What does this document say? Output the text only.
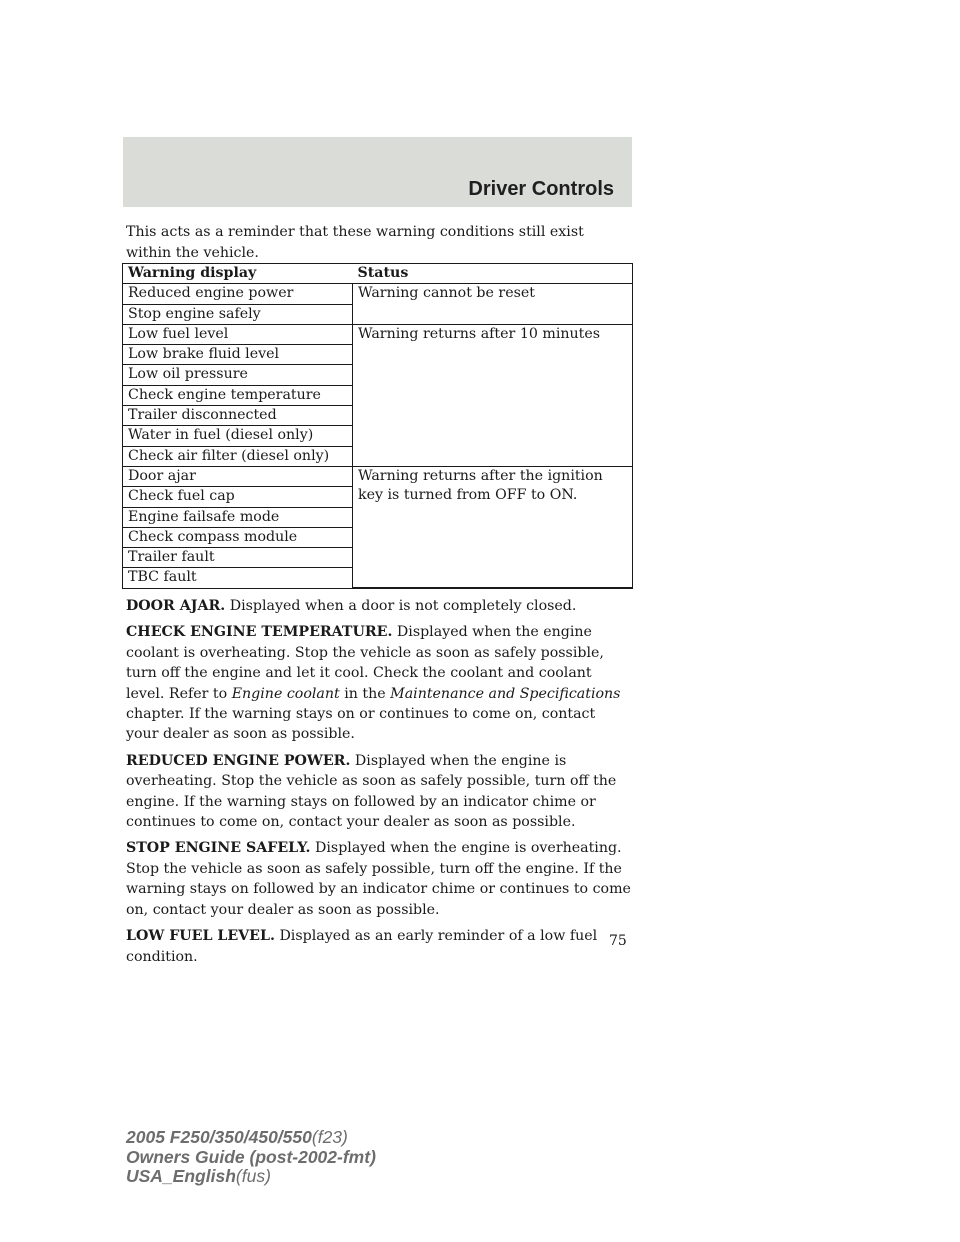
Driver Controls

This acts as a reminder that these warning conditions still exist within the vehicle.

Warning display	Status
Reduced engine power	Warning cannot be reset
Stop engine safely	
Low fuel level	Warning returns after 10 minutes
Low brake fluid level	
Low oil pressure	
Check engine temperature	
Trailer disconnected	
Water in fuel (diesel only)	
Check air filter (diesel only)	
Door ajar	Warning returns after the ignition key is turned from OFF to ON.
Check fuel cap	
Engine failsafe mode	
Check compass module	
Trailer fault	
TBC fault	

DOOR AJAR. Displayed when a door is not completely closed.

CHECK ENGINE TEMPERATURE. Displayed when the engine coolant is overheating. Stop the vehicle as soon as safely possible, turn off the engine and let it cool. Check the coolant and coolant level. Refer to Engine coolant in the Maintenance and Specifications chapter. If the warning stays on or continues to come on, contact your dealer as soon as possible.

REDUCED ENGINE POWER. Displayed when the engine is overheating. Stop the vehicle as soon as safely possible, turn off the engine. If the warning stays on followed by an indicator chime or continues to come on, contact your dealer as soon as possible.

STOP ENGINE SAFELY. Displayed when the engine is overheating. Stop the vehicle as soon as safely possible, turn off the engine. If the warning stays on followed by an indicator chime or continues to come on, contact your dealer as soon as possible.

LOW FUEL LEVEL. Displayed as an early reminder of a low fuel condition.

75
2005 F250/350/450/550(f23)
Owners Guide (post-2002-fmt)
USA_English(fus)
